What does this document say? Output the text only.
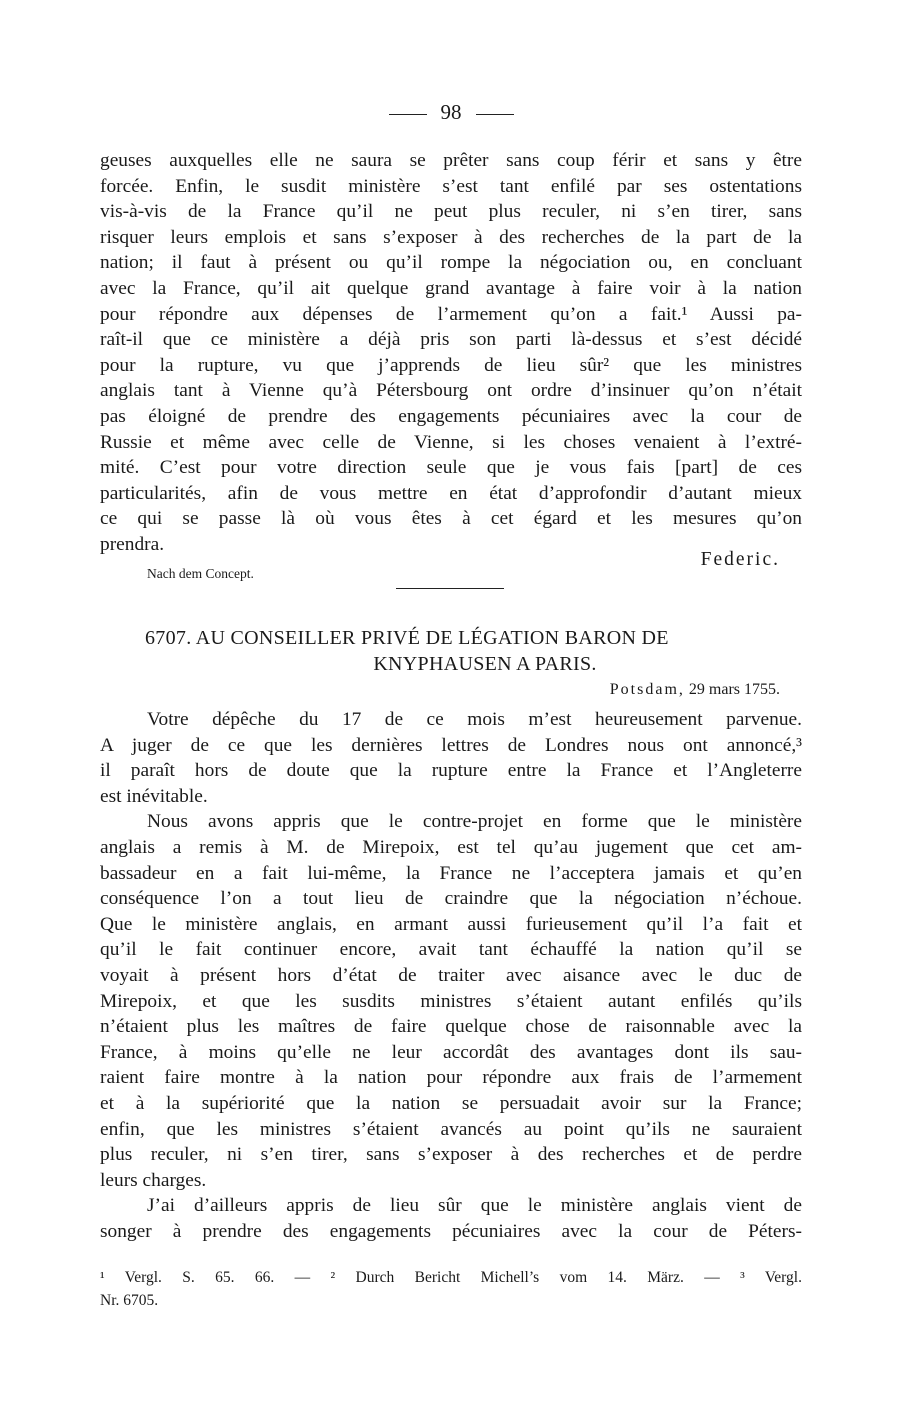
98
geuses auxquelles elle ne saura se prêter sans coup férir et sans y être
forcée. Enfin, le susdit ministère s’est tant enfilé par ses ostentations
vis-à-vis de la France qu’il ne peut plus reculer, ni s’en tirer, sans
risquer leurs emplois et sans s’exposer à des recherches de la part de la
nation; il faut à présent ou qu’il rompe la négociation ou, en concluant
avec la France, qu’il ait quelque grand avantage à faire voir à la nation
pour répondre aux dépenses de l’armement qu’on a fait.¹ Aussi pa-
raît-il que ce ministère a déjà pris son parti là-dessus et s’est décidé
pour la rupture, vu que j’apprends de lieu sûr² que les ministres
anglais tant à Vienne qu’à Pétersbourg ont ordre d’insinuer qu’on n’était
pas éloigné de prendre des engagements pécuniaires avec la cour de
Russie et même avec celle de Vienne, si les choses venaient à l’extré-
mité. C’est pour votre direction seule que je vous fais [part] de ces
particularités, afin de vous mettre en état d’approfondir d’autant mieux
ce qui se passe là où vous êtes à cet égard et les mesures qu’on
prendra.
Federic.
Nach dem Concept.
6707. AU CONSEILLER PRIVÉ DE LÉGATION BARON DE
KNYPHAUSEN A PARIS.
Potsdam, 29 mars 1755.
Votre dépêche du 17 de ce mois m’est heureusement parvenue.
A juger de ce que les dernières lettres de Londres nous ont annoncé,³
il paraît hors de doute que la rupture entre la France et l’Angleterre
est inévitable.
Nous avons appris que le contre-projet en forme que le ministère
anglais a remis à M. de Mirepoix, est tel qu’au jugement que cet am-
bassadeur en a fait lui-même, la France ne l’acceptera jamais et qu’en
conséquence l’on a tout lieu de craindre que la négociation n’échoue.
Que le ministère anglais, en armant aussi furieusement qu’il l’a fait et
qu’il le fait continuer encore, avait tant échauffé la nation qu’il se
voyait à présent hors d’état de traiter avec aisance avec le duc de
Mirepoix, et que les susdits ministres s’étaient autant enfilés qu’ils
n’étaient plus les maîtres de faire quelque chose de raisonnable avec la
France, à moins qu’elle ne leur accordât des avantages dont ils sau-
raient faire montre à la nation pour répondre aux frais de l’armement
et à la supériorité que la nation se persuadait avoir sur la France;
enfin, que les ministres s’étaient avancés au point qu’ils ne sauraient
plus reculer, ni s’en tirer, sans s’exposer à des recherches et de perdre
leurs charges.
J’ai d’ailleurs appris de lieu sûr que le ministère anglais vient de
songer à prendre des engagements pécuniaires avec la cour de Péters-
¹ Vergl. S. 65. 66. — ² Durch Bericht Michell’s vom 14. März. — ³ Vergl.
Nr. 6705.
